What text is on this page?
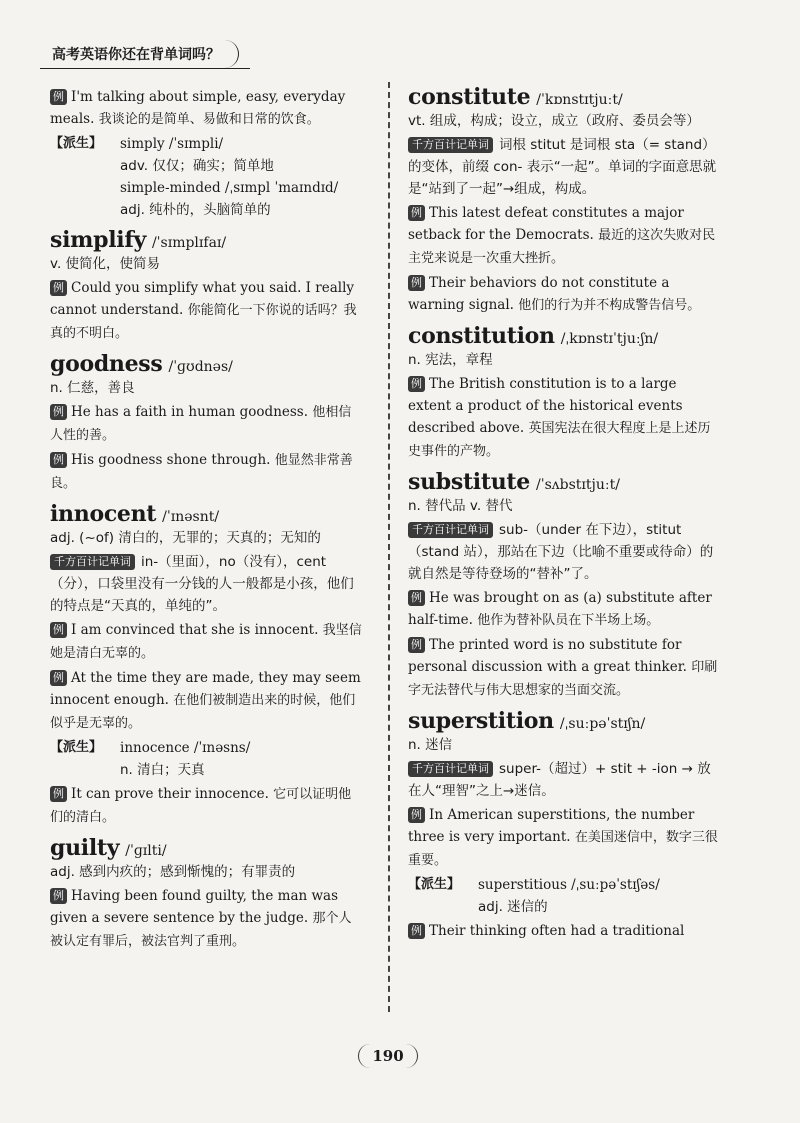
高考英语你还在背单词吗？
例 I'm talking about simple, easy, everyday meals. 我谈论的是简单、易做和日常的饮食。
【派生】	simply /ˈsɪmpli/
adv. 仅仅；确实；简单地
simple-minded /ˌsɪmpl ˈmaɪndɪd/
adj. 纯朴的，头脑简单的
simplify /ˈsɪmplɪfaɪ/
v. 使简化，使简易
例 Could you simplify what you said. I really cannot understand. 你能简化一下你说的话吗？我真的不明白。
goodness /ˈɡʊdnəs/
n. 仁慈，善良
例 He has a faith in human goodness. 他相信人性的善。
例 His goodness shone through. 他显然非常善良。
innocent /ˈɪnəsnt/
adj. (~of) 清白的，无罪的；天真的；无知的
千方百计记单词 in-（里面），no（没有），cent（分），口袋里没有一分钱的人一般都是小孩，他们的特点是“天真的，单纯的”。
例 I am convinced that she is innocent. 我坚信她是清白无辜的。
例 At the time they are made, they may seem innocent enough. 在他们被制造出来的时候，他们似乎是无辜的。
【派生】	innocence /ˈɪnəsns/
n. 清白；天真
例 It can prove their innocence. 它可以证明他们的清白。
guilty /ˈɡɪlti/
adj. 感到内疚的；感到惭愧的；有罪责的
例 Having been found guilty, the man was given a severe sentence by the judge. 那个人被认定有罪后，被法官判了重刑。
constitute /ˈkɒnstɪtjuːt/
vt. 组成，构成；设立，成立（政府、委员会等）
千方百计记单词 词根 stitut 是词根 sta（= stand）的变体，前缀 con- 表示“一起”。单词的字面意思就是“站到了一起”→组成，构成。
例 This latest defeat constitutes a major setback for the Democrats. 最近的这次失败对民主党来说是一次重大挫折。
例 Their behaviors do not constitute a warning signal. 他们的行为并不构成警告信号。
constitution /ˌkɒnstɪˈtjuːʃn/
n. 宪法，章程
例 The British constitution is to a large extent a product of the historical events described above. 英国宪法在很大程度上是上述历史事件的产物。
substitute /ˈsʌbstɪtjuːt/
n. 替代品 v. 替代
千方百计记单词 sub-（under 在下边），stitut（stand 站），那站在下边（比喻不重要或待命）的就自然是等待登场的“替补”了。
例 He was brought on as (a) substitute after half-time. 他作为替补队员在下半场上场。
例 The printed word is no substitute for personal discussion with a great thinker. 印刷字无法替代与伟大思想家的当面交流。
superstition /ˌsuːpəˈstɪʃn/
n. 迷信
千方百计记单词 super-（超过）+ stit + -ion → 放在人“理智”之上→迷信。
例 In American superstitions, the number three is very important. 在美国迷信中，数字三很重要。
【派生】	superstitious /ˌsuːpəˈstɪʃəs/
adj. 迷信的
例 Their thinking often had a traditional
190
